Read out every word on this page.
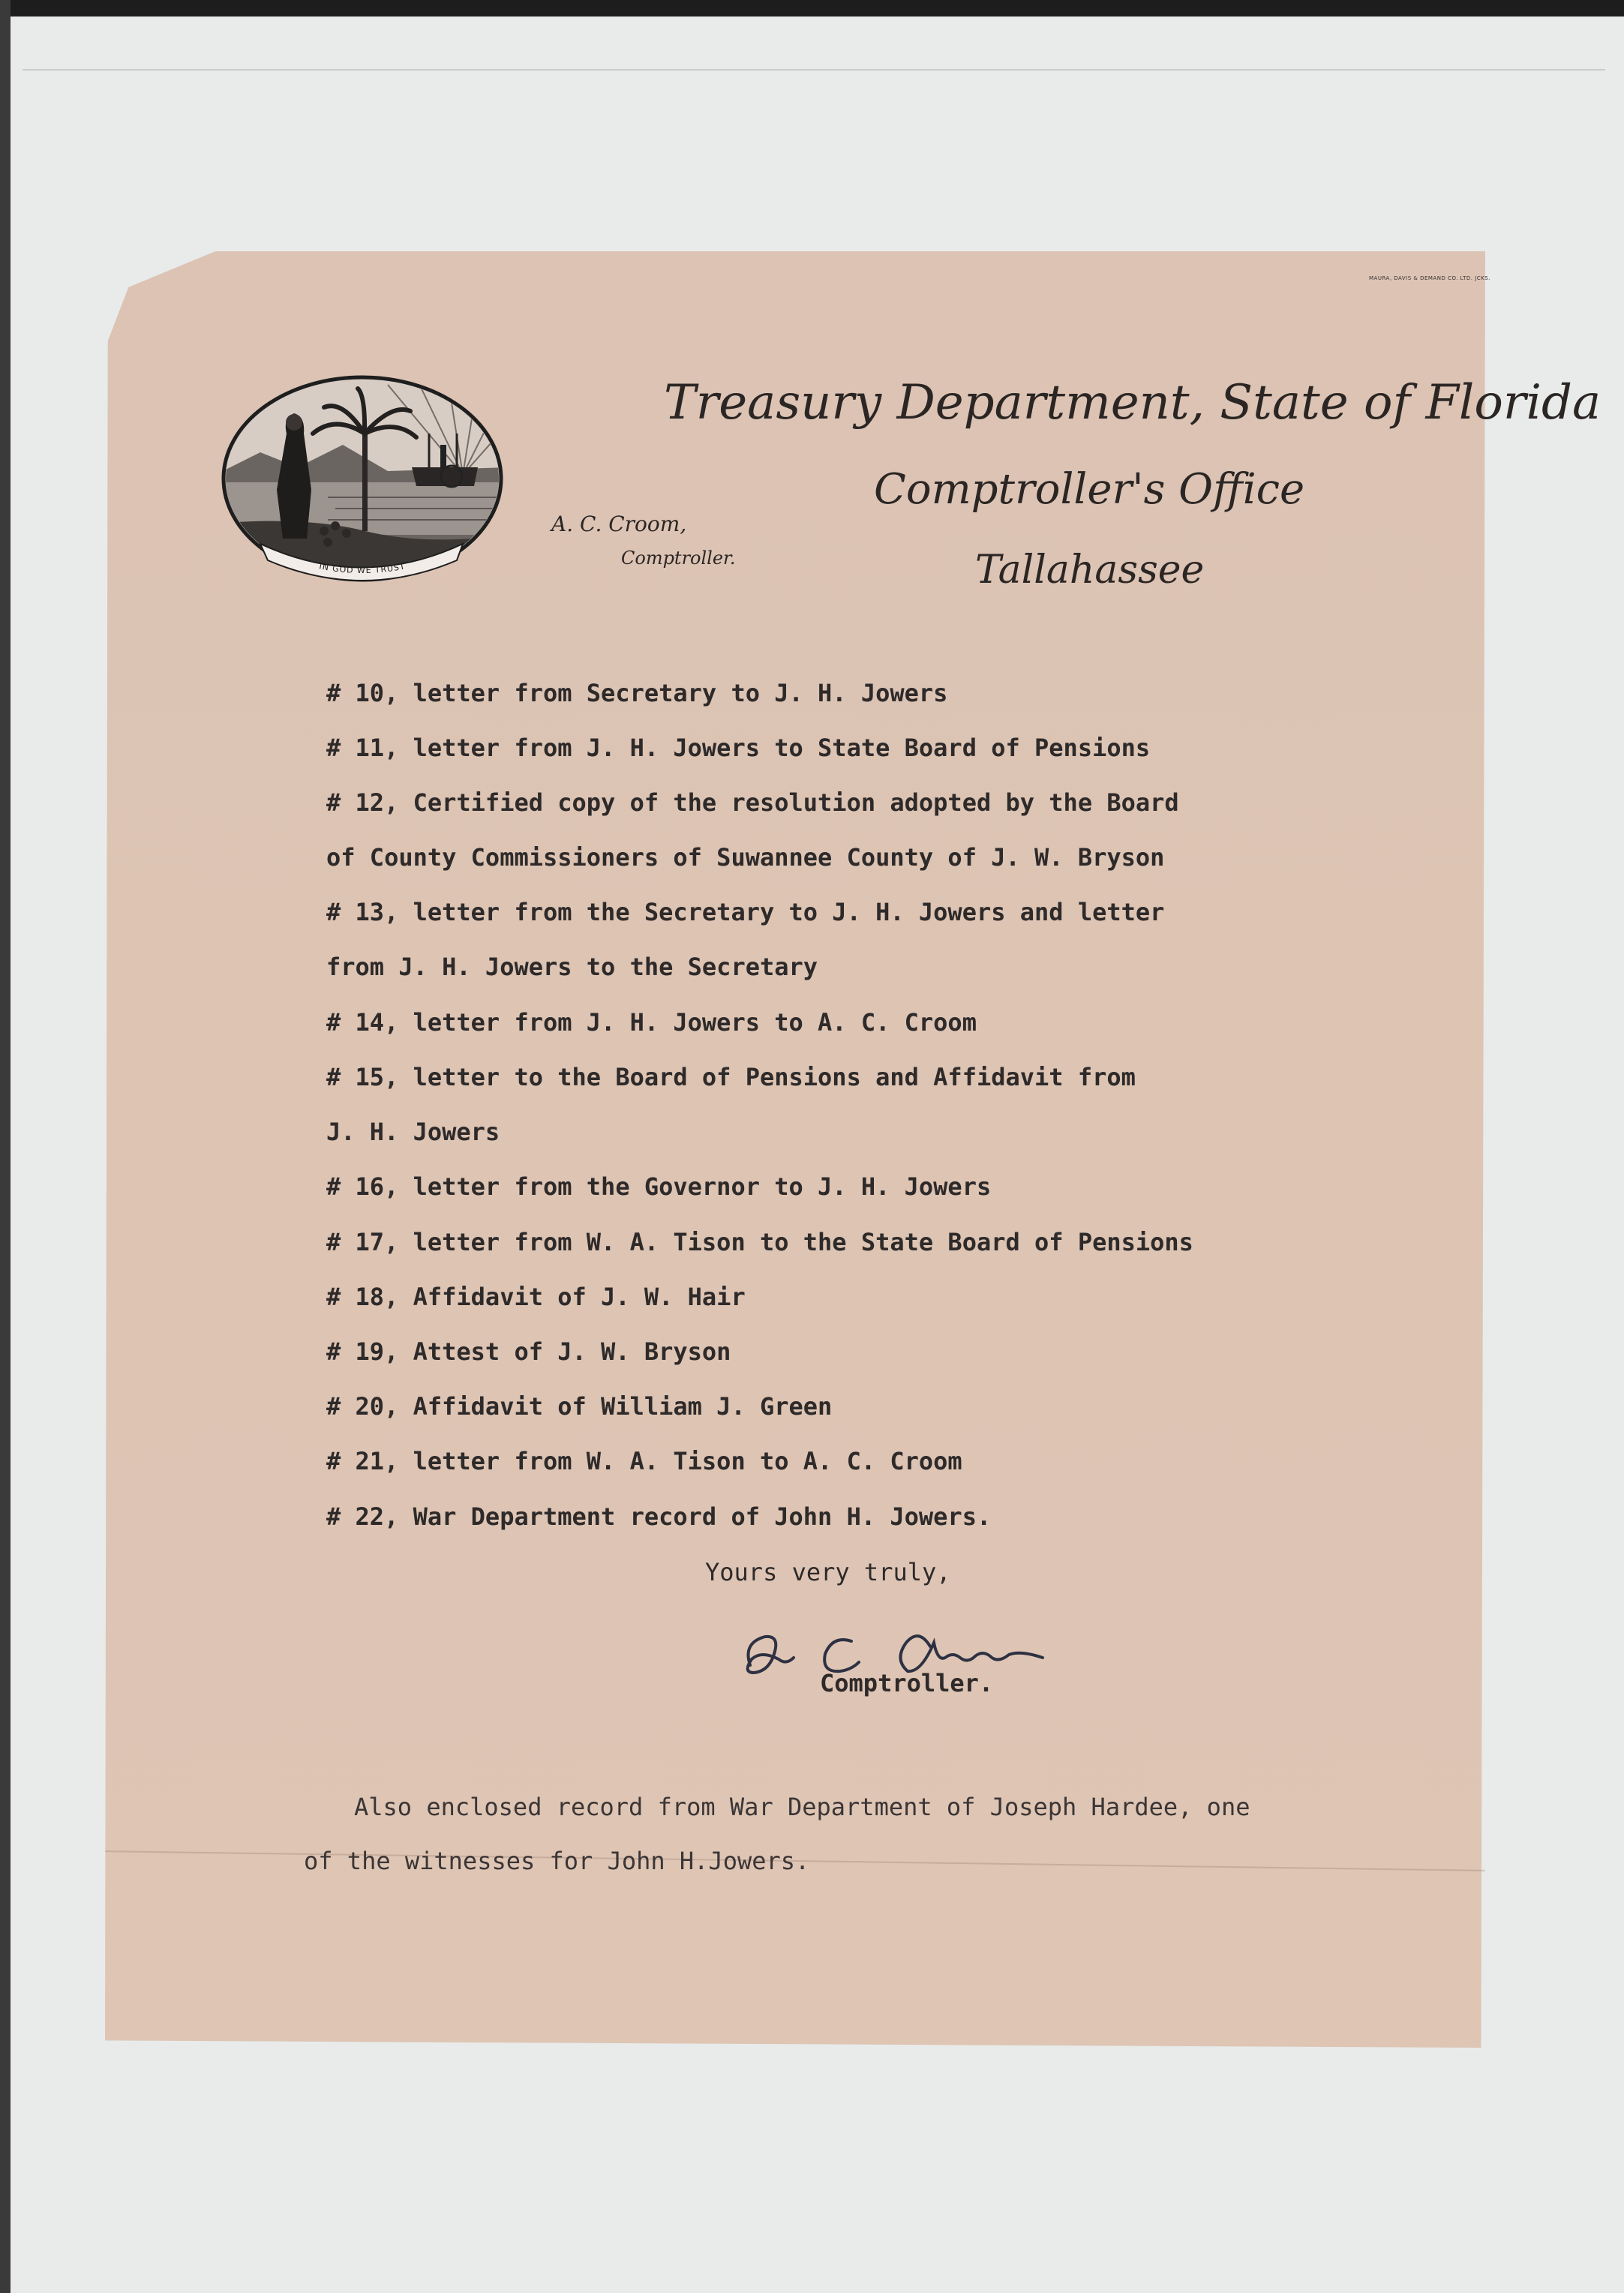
MAURA, DAVIS & DEMAND CO. LTD. JCKS.
IN GOD WE TRUST
Treasury Department, State of Florida
Comptroller's Office
Tallahassee
A. C. Croom,
Comptroller.
# 10, letter from Secretary to J. H. Jowers
# 11, letter from J. H. Jowers to State Board of Pensions
# 12, Certified copy of the resolution adopted by the Board
of County Commissioners of Suwannee County of J. W. Bryson
# 13, letter from the Secretary to J. H. Jowers and letter
from J. H. Jowers to the Secretary
# 14, letter from J. H. Jowers to A. C. Croom
# 15, letter to the Board of Pensions and Affidavit from
J. H. Jowers
# 16, letter from the Governor to J. H. Jowers
# 17, letter from W. A. Tison to the State Board of Pensions
# 18, Affidavit of J. W. Hair
# 19, Attest of J. W. Bryson
# 20, Affidavit of William J. Green
# 21, letter from W. A. Tison to A. C. Croom
# 22, War Department record of John H. Jowers.
Yours very truly,
Comptroller.
Also enclosed record from War Department of Joseph Hardee, one
of the witnesses for John H.Jowers.
